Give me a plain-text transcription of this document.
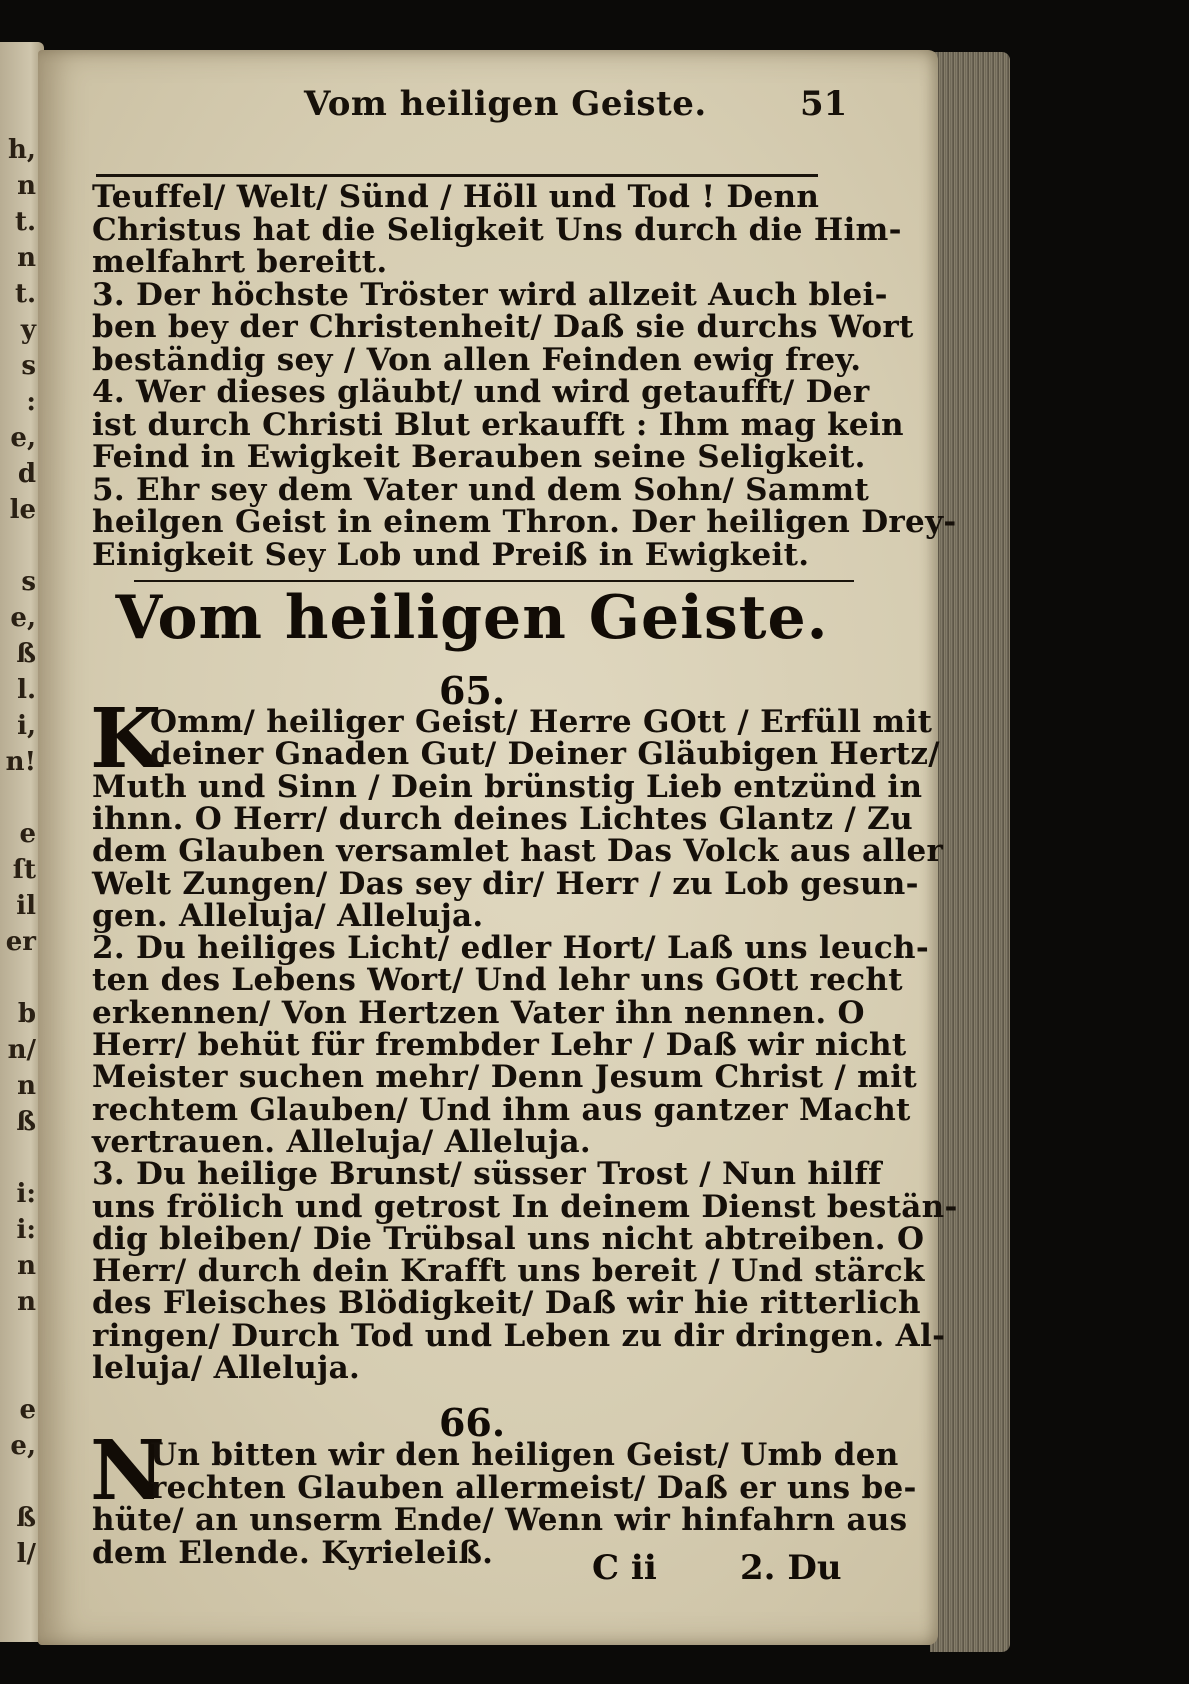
h,
n
t.
n
t.
y
s
:
e,
d
le
s
e,
ß
l.
i,
n!
e
ſt
il
er
b
n/
n
ß
i:
i:
n
n
e
e,
ß
l/
Vom heiligen Geiste.	51
Teuffel/ Welt/ Sünd / Höll und Tod ! Denn
Christus hat die Seligkeit Uns durch die Him-
melfahrt bereitt.
3. Der höchste Tröster wird allzeit Auch blei-
ben bey der Christenheit/ Daß sie durchs Wort
beständig sey / Von allen Feinden ewig frey.
4. Wer dieses gläubt/ und wird getaufft/ Der
ist durch Christi Blut erkaufft : Ihm mag kein
Feind in Ewigkeit Berauben seine Seligkeit.
5. Ehr sey dem Vater und dem Sohn/ Sammt
heilgen Geist in einem Thron. Der heiligen Drey-
Einigkeit Sey Lob und Preiß in Ewigkeit.
Vom heiligen Geiste.
65.
K
Omm/ heiliger Geist/ Herre GOtt / Erfüll mit
deiner Gnaden Gut/ Deiner Gläubigen Hertz/
Muth und Sinn / Dein brünstig Lieb entzünd in
ihnn. O Herr/ durch deines Lichtes Glantz / Zu
dem Glauben versamlet hast Das Volck aus aller
Welt Zungen/ Das sey dir/ Herr / zu Lob gesun-
gen. Alleluja/ Alleluja.
2. Du heiliges Licht/ edler Hort/ Laß uns leuch-
ten des Lebens Wort/ Und lehr uns GOtt recht
erkennen/ Von Hertzen Vater ihn nennen. O
Herr/ behüt für frembder Lehr / Daß wir nicht
Meister suchen mehr/ Denn Jesum Christ / mit
rechtem Glauben/ Und ihm aus gantzer Macht
vertrauen. Alleluja/ Alleluja.
3. Du heilige Brunst/ süsser Trost / Nun hilff
uns frölich und getrost In deinem Dienst bestän-
dig bleiben/ Die Trübsal uns nicht abtreiben. O
Herr/ durch dein Krafft uns bereit / Und stärck
des Fleisches Blödigkeit/ Daß wir hie ritterlich
ringen/ Durch Tod und Leben zu dir dringen. Al-
leluja/ Alleluja.
66.
N
Un bitten wir den heiligen Geist/ Umb den
rechten Glauben allermeist/ Daß er uns be-
hüte/ an unserm Ende/ Wenn wir hinfahrn aus
dem Elende. Kyrieleiß.	C ii 2. Du
